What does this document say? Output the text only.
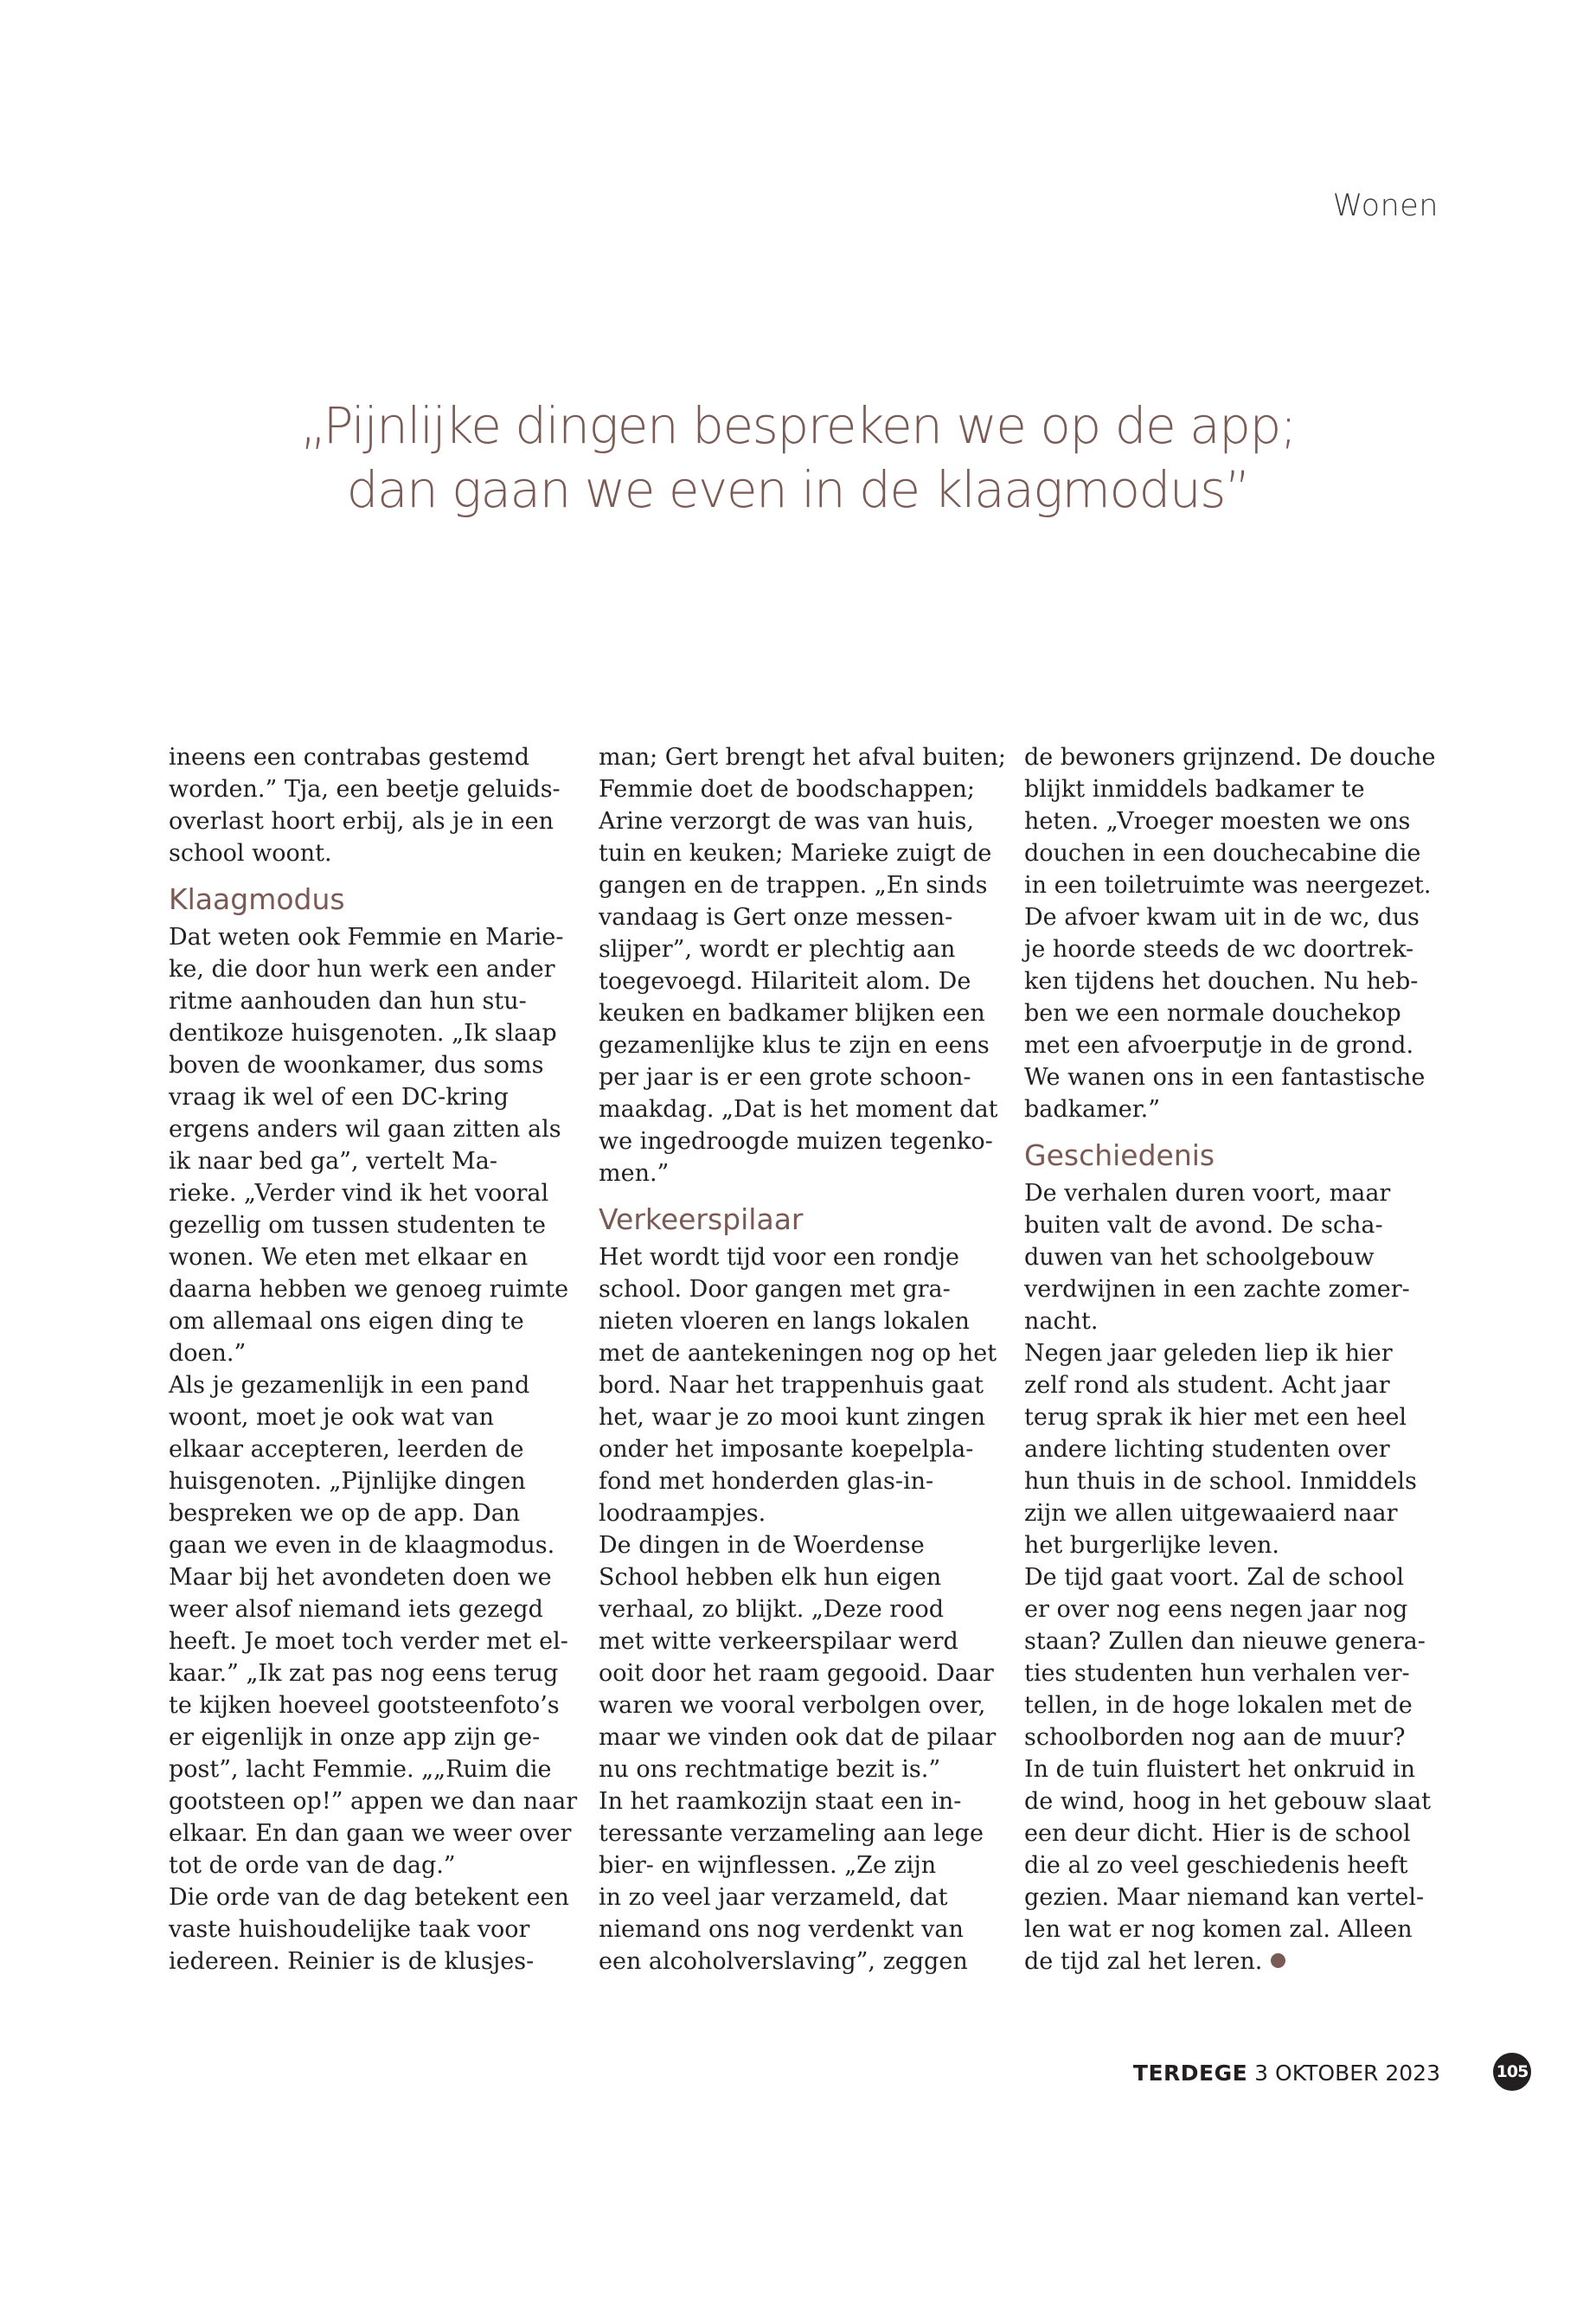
Wonen
„Pijnlijke dingen bespreken we op de app;
dan gaan we even in de klaagmodus”
ineens een contrabas gestemd
worden.” Tja, een beetje geluids-
overlast hoort erbij, als je in een
school woont.
Klaagmodus
Dat weten ook Femmie en Marie-
ke, die door hun werk een ander
ritme aanhouden dan hun stu-
dentikoze huisgenoten. „Ik slaap
boven de woonkamer, dus soms
vraag ik wel of een DC-kring
ergens anders wil gaan zitten als
ik naar bed ga”, vertelt Ma-
rieke. „Verder vind ik het vooral
gezellig om tussen studenten te
wonen. We eten met elkaar en
daarna hebben we genoeg ruimte
om allemaal ons eigen ding te
doen.”
Als je gezamenlijk in een pand
woont, moet je ook wat van
elkaar accepteren, leerden de
huisgenoten. „Pijnlijke dingen
bespreken we op de app. Dan
gaan we even in de klaagmodus.
Maar bij het avondeten doen we
weer alsof niemand iets gezegd
heeft. Je moet toch verder met el-
kaar.” „Ik zat pas nog eens terug
te kijken hoeveel gootsteenfoto’s
er eigenlijk in onze app zijn ge-
post”, lacht Femmie. „„Ruim die
gootsteen op!” appen we dan naar
elkaar. En dan gaan we weer over
tot de orde van de dag.”
Die orde van de dag betekent een
vaste huishoudelijke taak voor
iedereen. Reinier is de klusjes-
man; Gert brengt het afval buiten;
Femmie doet de boodschappen;
Arine verzorgt de was van huis,
tuin en keuken; Marieke zuigt de
gangen en de trappen. „En sinds
vandaag is Gert onze messen-
slijper”, wordt er plechtig aan
toegevoegd. Hilariteit alom. De
keuken en badkamer blijken een
gezamenlijke klus te zijn en eens
per jaar is er een grote schoon-
maakdag. „Dat is het moment dat
we ingedroogde muizen tegenko-
men.”
Verkeerspilaar
Het wordt tijd voor een rondje
school. Door gangen met gra-
nieten vloeren en langs lokalen
met de aantekeningen nog op het
bord. Naar het trappenhuis gaat
het, waar je zo mooi kunt zingen
onder het imposante koepelpla-
fond met honderden glas-in-
loodraampjes.
De dingen in de Woerdense
School hebben elk hun eigen
verhaal, zo blijkt. „Deze rood
met witte verkeerspilaar werd
ooit door het raam gegooid. Daar
waren we vooral verbolgen over,
maar we vinden ook dat de pilaar
nu ons rechtmatige bezit is.”
In het raamkozijn staat een in-
teressante verzameling aan lege
bier- en wijnflessen. „Ze zijn
in zo veel jaar verzameld, dat
niemand ons nog verdenkt van
een alcoholverslaving”, zeggen
de bewoners grijnzend. De douche
blijkt inmiddels badkamer te
heten. „Vroeger moesten we ons
douchen in een douchecabine die
in een toiletruimte was neergezet.
De afvoer kwam uit in de wc, dus
je hoorde steeds de wc doortrek-
ken tijdens het douchen. Nu heb-
ben we een normale douchekop
met een afvoerputje in de grond.
We wanen ons in een fantastische
badkamer.”
Geschiedenis
De verhalen duren voort, maar
buiten valt de avond. De scha-
duwen van het schoolgebouw
verdwijnen in een zachte zomer-
nacht.
Negen jaar geleden liep ik hier
zelf rond als student. Acht jaar
terug sprak ik hier met een heel
andere lichting studenten over
hun thuis in de school. Inmiddels
zijn we allen uitgewaaierd naar
het burgerlijke leven.
De tijd gaat voort. Zal de school
er over nog eens negen jaar nog
staan? Zullen dan nieuwe genera-
ties studenten hun verhalen ver-
tellen, in de hoge lokalen met de
schoolborden nog aan de muur?
In de tuin fluistert het onkruid in
de wind, hoog in het gebouw slaat
een deur dicht. Hier is de school
die al zo veel geschiedenis heeft
gezien. Maar niemand kan vertel-
len wat er nog komen zal. Alleen
de tijd zal het leren.
TERDEGE 3 OKTOBER 2023	105
